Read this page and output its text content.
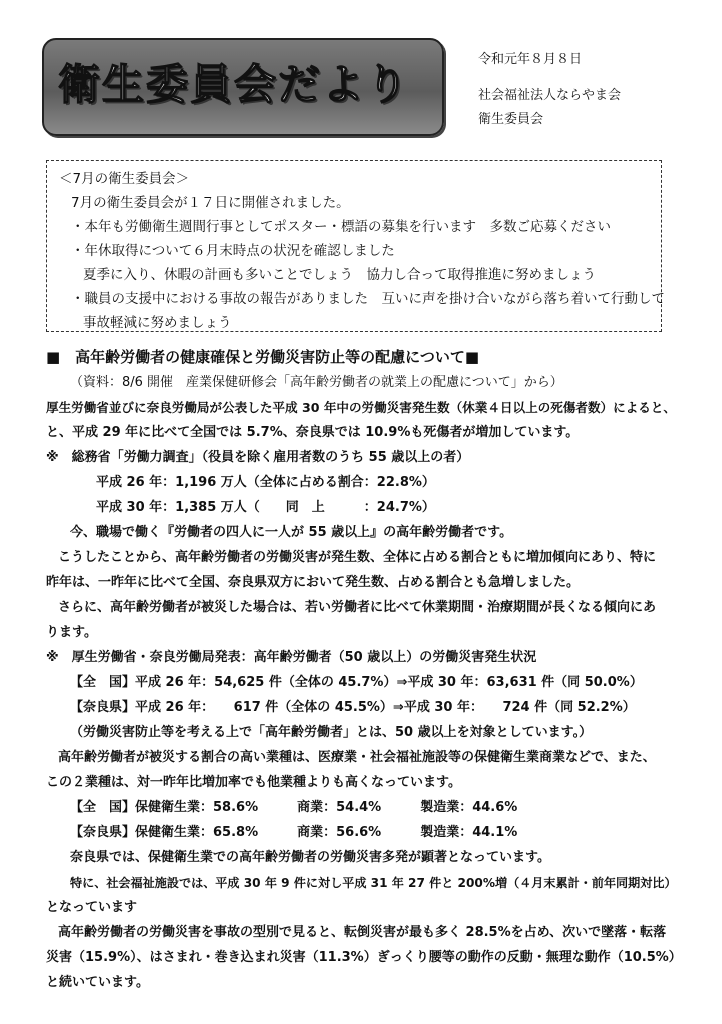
衛生委員会だより
令和元年８月８日
社会福祉法人ならやま会
衛生委員会
＜7月の衛生委員会＞
7月の衛生委員会が１７日に開催されました。
・本年も労働衛生週間行事としてポスター・標語の募集を行います　多数ご応募ください
・年休取得について６月末時点の状況を確認しました
夏季に入り、休暇の計画も多いことでしょう　協力し合って取得推進に努めましょう
・職員の支援中における事故の報告がありました　互いに声を掛け合いながら落ち着いて行動して
事故軽減に努めましょう
■　高年齢労働者の健康確保と労働災害防止等の配慮について■
（資料：8/6 開催　産業保健研修会「高年齢労働者の就業上の配慮について」から）
厚生労働省並びに奈良労働局が公表した平成 30 年中の労働災害発生数（休業４日以上の死傷者数）によると、
と、平成 29 年に比べて全国では 5.7%、奈良県では 10.9%も死傷者が増加しています。
※　総務省「労働力調査」（役員を除く雇用者数のうち 55 歳以上の者）
平成 26 年：1,196 万人（全体に占める割合：22.8%）
平成 30 年：1,385 万人（　　同　上　　　：24.7%）
今、職場で働く『労働者の四人に一人が 55 歳以上』の高年齢労働者です。
こうしたことから、高年齢労働者の労働災害が発生数、全体に占める割合ともに増加傾向にあり、特に
昨年は、一昨年に比べて全国、奈良県双方において発生数、占める割合とも急増しました。
さらに、高年齢労働者が被災した場合は、若い労働者に比べて休業期間・治療期間が長くなる傾向にあ
ります。
※　厚生労働省・奈良労働局発表：高年齢労働者（50 歳以上）の労働災害発生状況
【全　国】平成 26 年：54,625 件（全体の 45.7%）⇒平成 30 年：63,631 件（同 50.0%）
【奈良県】平成 26 年：　　617 件（全体の 45.5%）⇒平成 30 年：　　724 件（同 52.2%）
（労働災害防止等を考える上で「高年齢労働者」とは、50 歳以上を対象としています。）
高年齢労働者が被災する割合の高い業種は、医療業・社会福祉施設等の保健衛生業商業などで、また、
この２業種は、対一昨年比増加率でも他業種よりも高くなっています。
【全　国】保健衛生業：58.6%　　　商業：54.4%　　　製造業：44.6%
【奈良県】保健衛生業：65.8%　　　商業：56.6%　　　製造業：44.1%
奈良県では、保健衛生業での高年齢労働者の労働災害多発が顕著となっています。
特に、社会福祉施設では、平成 30 年 9 件に対し平成 31 年 27 件と 200%増（４月末累計・前年同期対比）
となっています
高年齢労働者の労働災害を事故の型別で見ると、転倒災害が最も多く 28.5%を占め、次いで墜落・転落
災害（15.9%）、はさまれ・巻き込まれ災害（11.3%）ぎっくり腰等の動作の反動・無理な動作（10.5%）
と続いています。
